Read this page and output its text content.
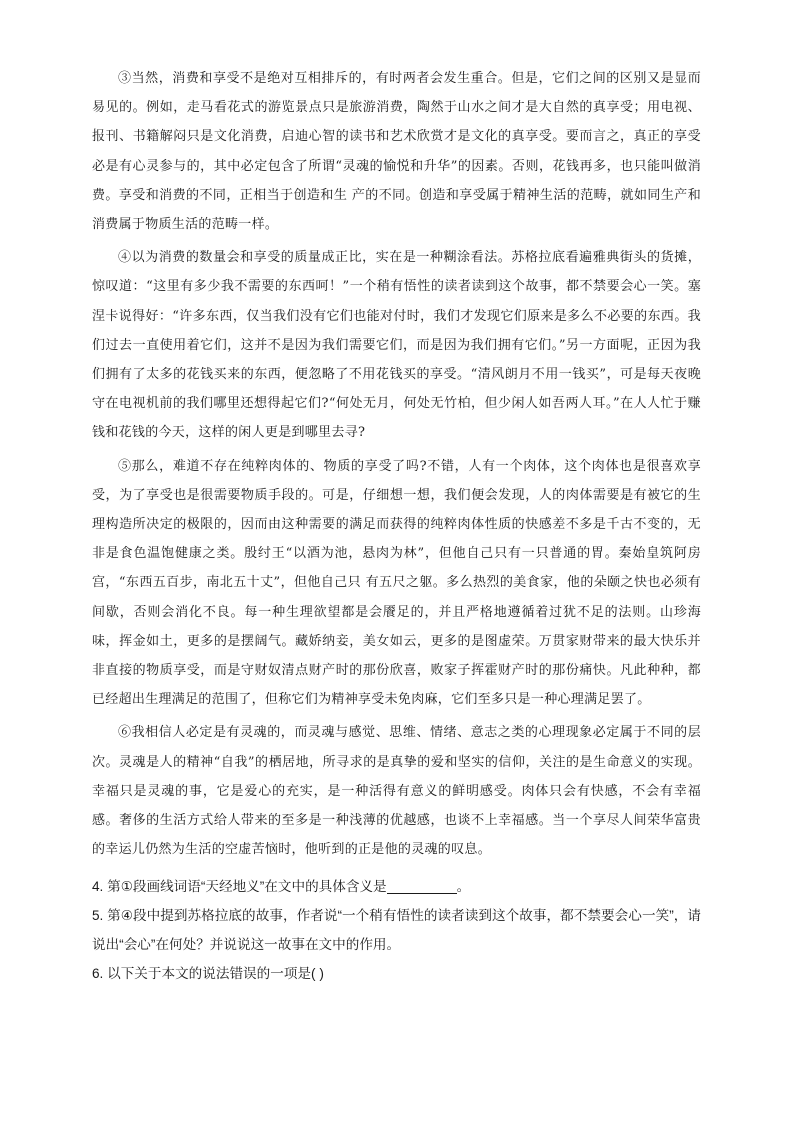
③当然，消费和享受不是绝对互相排斥的，有时两者会发生重合。但是，它们之间的区别又是显而易见的。例如，走马看花式的游览景点只是旅游消费，陶然于山水之间才是大自然的真享受；用电视、报刊、书籍解闷只是文化消费，启迪心智的读书和艺术欣赏才是文化的真享受。要而言之，真正的享受必是有心灵参与的，其中必定包含了所谓“灵魂的愉悦和升华”的因素。否则，花钱再多，也只能叫做消费。享受和消费的不同，正相当于创造和生 产的不同。创造和享受属于精神生活的范畴，就如同生产和消费属于物质生活的范畴一样。

④以为消费的数量会和享受的质量成正比，实在是一种糊涂看法。苏格拉底看遍雅典街头的货摊，惊叹道：“这里有多少我不需要的东西呵！”一个稍有悟性的读者读到这个故事，都不禁要会心一笑。塞涅卡说得好：“许多东西，仅当我们没有它们也能对付时，我们才发现它们原来是多么不必要的东西。我们过去一直使用着它们，这并不是因为我们需要它们，而是因为我们拥有它们。”另一方面呢，正因为我们拥有了太多的花钱买来的东西，便忽略了不用花钱买的享受。“清风朗月不用一钱买”，可是每天夜晚守在电视机前的我们哪里还想得起它们?“何处无月，何处无竹柏，但少闲人如吾两人耳。”在人人忙于赚钱和花钱的今天，这样的闲人更是到哪里去寻?

⑤那么，难道不存在纯粹肉体的、物质的享受了吗?不错，人有一个肉体，这个肉体也是很喜欢享受，为了享受也是很需要物质手段的。可是，仔细想一想，我们便会发现，人的肉体需要是有被它的生理构造所决定的极限的，因而由这种需要的满足而获得的纯粹肉体性质的快感差不多是千古不变的，无非是食色温饱健康之类。殷纣王“以酒为池，悬肉为林”，但他自己只有一只普通的胃。秦始皇筑阿房宫，“东西五百步，南北五十丈”，但他自己只 有五尺之躯。多么热烈的美食家，他的朵颐之快也必须有间歇，否则会消化不良。每一种生理欲望都是会餍足的，并且严格地遵循着过犹不足的法则。山珍海味，挥金如土，更多的是摆阔气。藏娇纳妾，美女如云，更多的是图虚荣。万贯家财带来的最大快乐并非直接的物质享受，而是守财奴清点财产时的那份欣喜，败家子挥霍财产时的那份痛快。凡此种种，都已经超出生理满足的范围了，但称它们为精神享受未免肉麻，它们至多只是一种心理满足罢了。

⑥我相信人必定是有灵魂的，而灵魂与感觉、思维、情绪、意志之类的心理现象必定属于不同的层次。灵魂是人的精神“自我”的栖居地，所寻求的是真挚的爱和坚实的信仰，关注的是生命意义的实现。幸福只是灵魂的事，它是爱心的充实，是一种活得有意义的鲜明感受。肉体只会有快感，不会有幸福感。奢侈的生活方式给人带来的至多是一种浅薄的优越感，也谈不上幸福感。当一个享尽人间荣华富贵的幸运儿仍然为生活的空虚苦恼时，他听到的正是他的灵魂的叹息。

4. 第①段画线词语“天经地义”在文中的具体含义是	。

5. 第④段中提到苏格拉底的故事，作者说“一个稍有悟性的读者读到这个故事，都不禁要会心一笑”，请说出“会心”在何处？并说说这一故事在文中的作用。

6. 以下关于本文的说法错误的一项是( )
